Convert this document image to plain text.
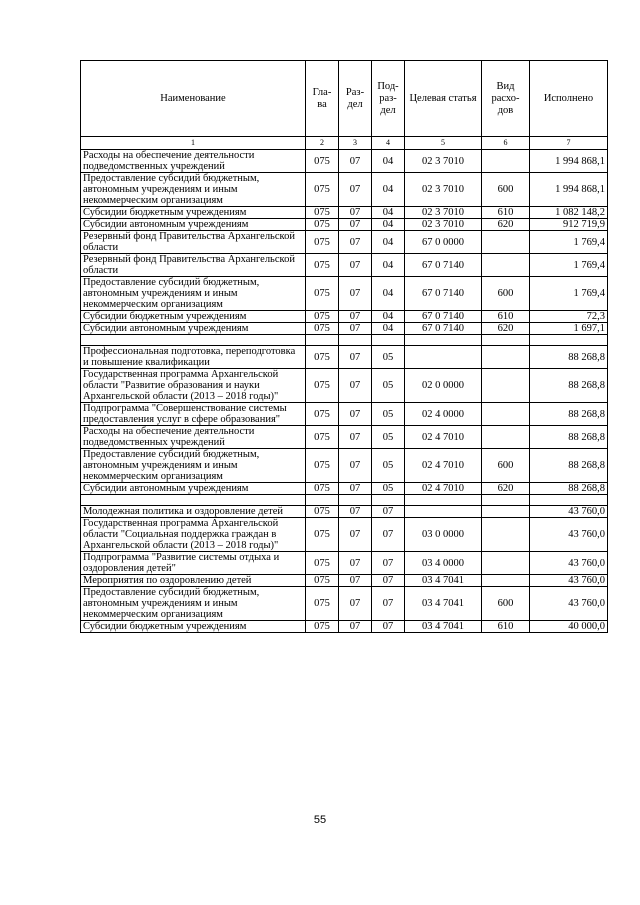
Наименование	Гла- ва	Раз- дел	Под- раз- дел	Целевая статья	Вид расхо- дов	Исполнено
1	2	3	4	5	6	7
Расходы на обеспечение деятельности подведомственных учреждений	075	07	04	02 3 7010		1 994 868,1
Предоставление субсидий бюджетным, автономным учреждениям и иным некоммерческим организациям	075	07	04	02 3 7010	600	1 994 868,1
Субсидии бюджетным учреждениям	075	07	04	02 3 7010	610	1 082 148,2
Субсидии автономным учреждениям	075	07	04	02 3 7010	620	912 719,9
Резервный фонд Правительства Архангельской области	075	07	04	67 0 0000		1 769,4
Резервный фонд Правительства Архангельской области	075	07	04	67 0 7140		1 769,4
Предоставление субсидий бюджетным, автономным учреждениям и иным некоммерческим организациям	075	07	04	67 0 7140	600	1 769,4
Субсидии бюджетным учреждениям	075	07	04	67 0 7140	610	72,3
Субсидии автономным учреждениям	075	07	04	67 0 7140	620	1 697,1

Профессиональная подготовка, переподготовка и повышение квалификации	075	07	05			88 268,8
Государственная программа Архангельской области "Развитие образования и науки Архангельской области (2013 – 2018 годы)"	075	07	05	02 0 0000		88 268,8
Подпрограмма "Совершенствование системы предоставления услуг в сфере образования"	075	07	05	02 4 0000		88 268,8
Расходы на обеспечение деятельности подведомственных учреждений	075	07	05	02 4 7010		88 268,8
Предоставление субсидий бюджетным, автономным учреждениям и иным некоммерческим организациям	075	07	05	02 4 7010	600	88 268,8
Субсидии автономным учреждениям	075	07	05	02 4 7010	620	88 268,8

Молодежная политика и оздоровление детей	075	07	07			43 760,0
Государственная программа Архангельской области "Социальная поддержка граждан в Архангельской области (2013 – 2018 годы)"	075	07	07	03 0 0000		43 760,0
Подпрограмма "Развитие системы отдыха и оздоровления детей"	075	07	07	03 4 0000		43 760,0
Мероприятия по оздоровлению детей	075	07	07	03 4 7041		43 760,0
Предоставление субсидий бюджетным, автономным учреждениям и иным некоммерческим организациям	075	07	07	03 4 7041	600	43 760,0
Субсидии бюджетным учреждениям	075	07	07	03 4 7041	610	40 000,0
55
